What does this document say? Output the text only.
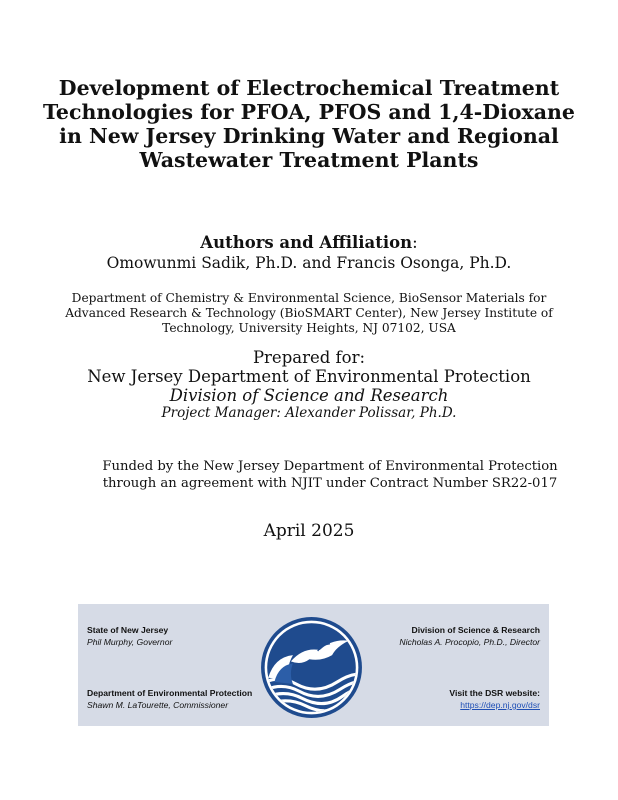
Development of Electrochemical Treatment
Technologies for PFOA, PFOS and 1,4-Dioxane
in New Jersey Drinking Water and Regional
Wastewater Treatment Plants
Authors and Affiliation:
Omowunmi Sadik, Ph.D. and Francis Osonga, Ph.D.
Department of Chemistry & Environmental Science, BioSensor Materials for
Advanced Research & Technology (BioSMART Center), New Jersey Institute of
Technology, University Heights, NJ 07102, USA
Prepared for:
New Jersey Department of Environmental Protection
Division of Science and Research
Project Manager: Alexander Polissar, Ph.D.
Funded by the New Jersey Department of Environmental Protection
through an agreement with NJIT under Contract Number SR22-017
April 2025
State of New Jersey
Phil Murphy, Governor
Department of Environmental Protection
Shawn M. LaTourette, Commissioner
Division of Science & Research
Nicholas A. Procopio, Ph.D., Director
Visit the DSR website:
https://dep.nj.gov/dsr
